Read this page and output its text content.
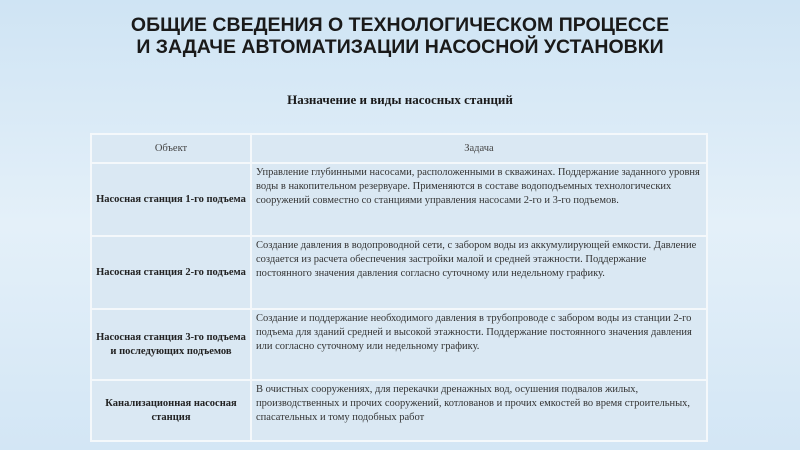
ОБЩИЕ СВЕДЕНИЯ О ТЕХНОЛОГИЧЕСКОМ ПРОЦЕССЕ
И ЗАДАЧЕ АВТОМАТИЗАЦИИ НАСОСНОЙ УСТАНОВКИ
Назначение и виды насосных станций
Объект	Задача
Насосная станция 1-го подъема	Управление глубинными насосами, расположенными в скважинах. Поддержание заданного уровня воды в накопительном резервуаре. Применяются в составе водоподъемных технологических сооружений совместно со станциями управления насосами 2-го и 3-го подъемов.
Насосная станция 2-го подъема	Создание давления в водопроводной сети, с забором воды из аккумулирующей емкости. Давление создается из расчета обеспечения застройки малой и средней этажности. Поддержание постоянного значения давления согласно суточному или недельному графику.
Насосная станция 3-го подъема и последующих подъемов	Создание и поддержание необходимого давления в трубопроводе с забором воды из станции 2-го подъема для зданий средней и высокой этажности. Поддержание постоянного значения давления или согласно суточному или недельному графику.
Канализационная насосная станция	В очистных сооружениях, для перекачки дренажных вод, осушения подвалов жилых, производственных и прочих сооружений, котлованов и прочих емкостей во время строительных, спасательных и тому подобных работ
